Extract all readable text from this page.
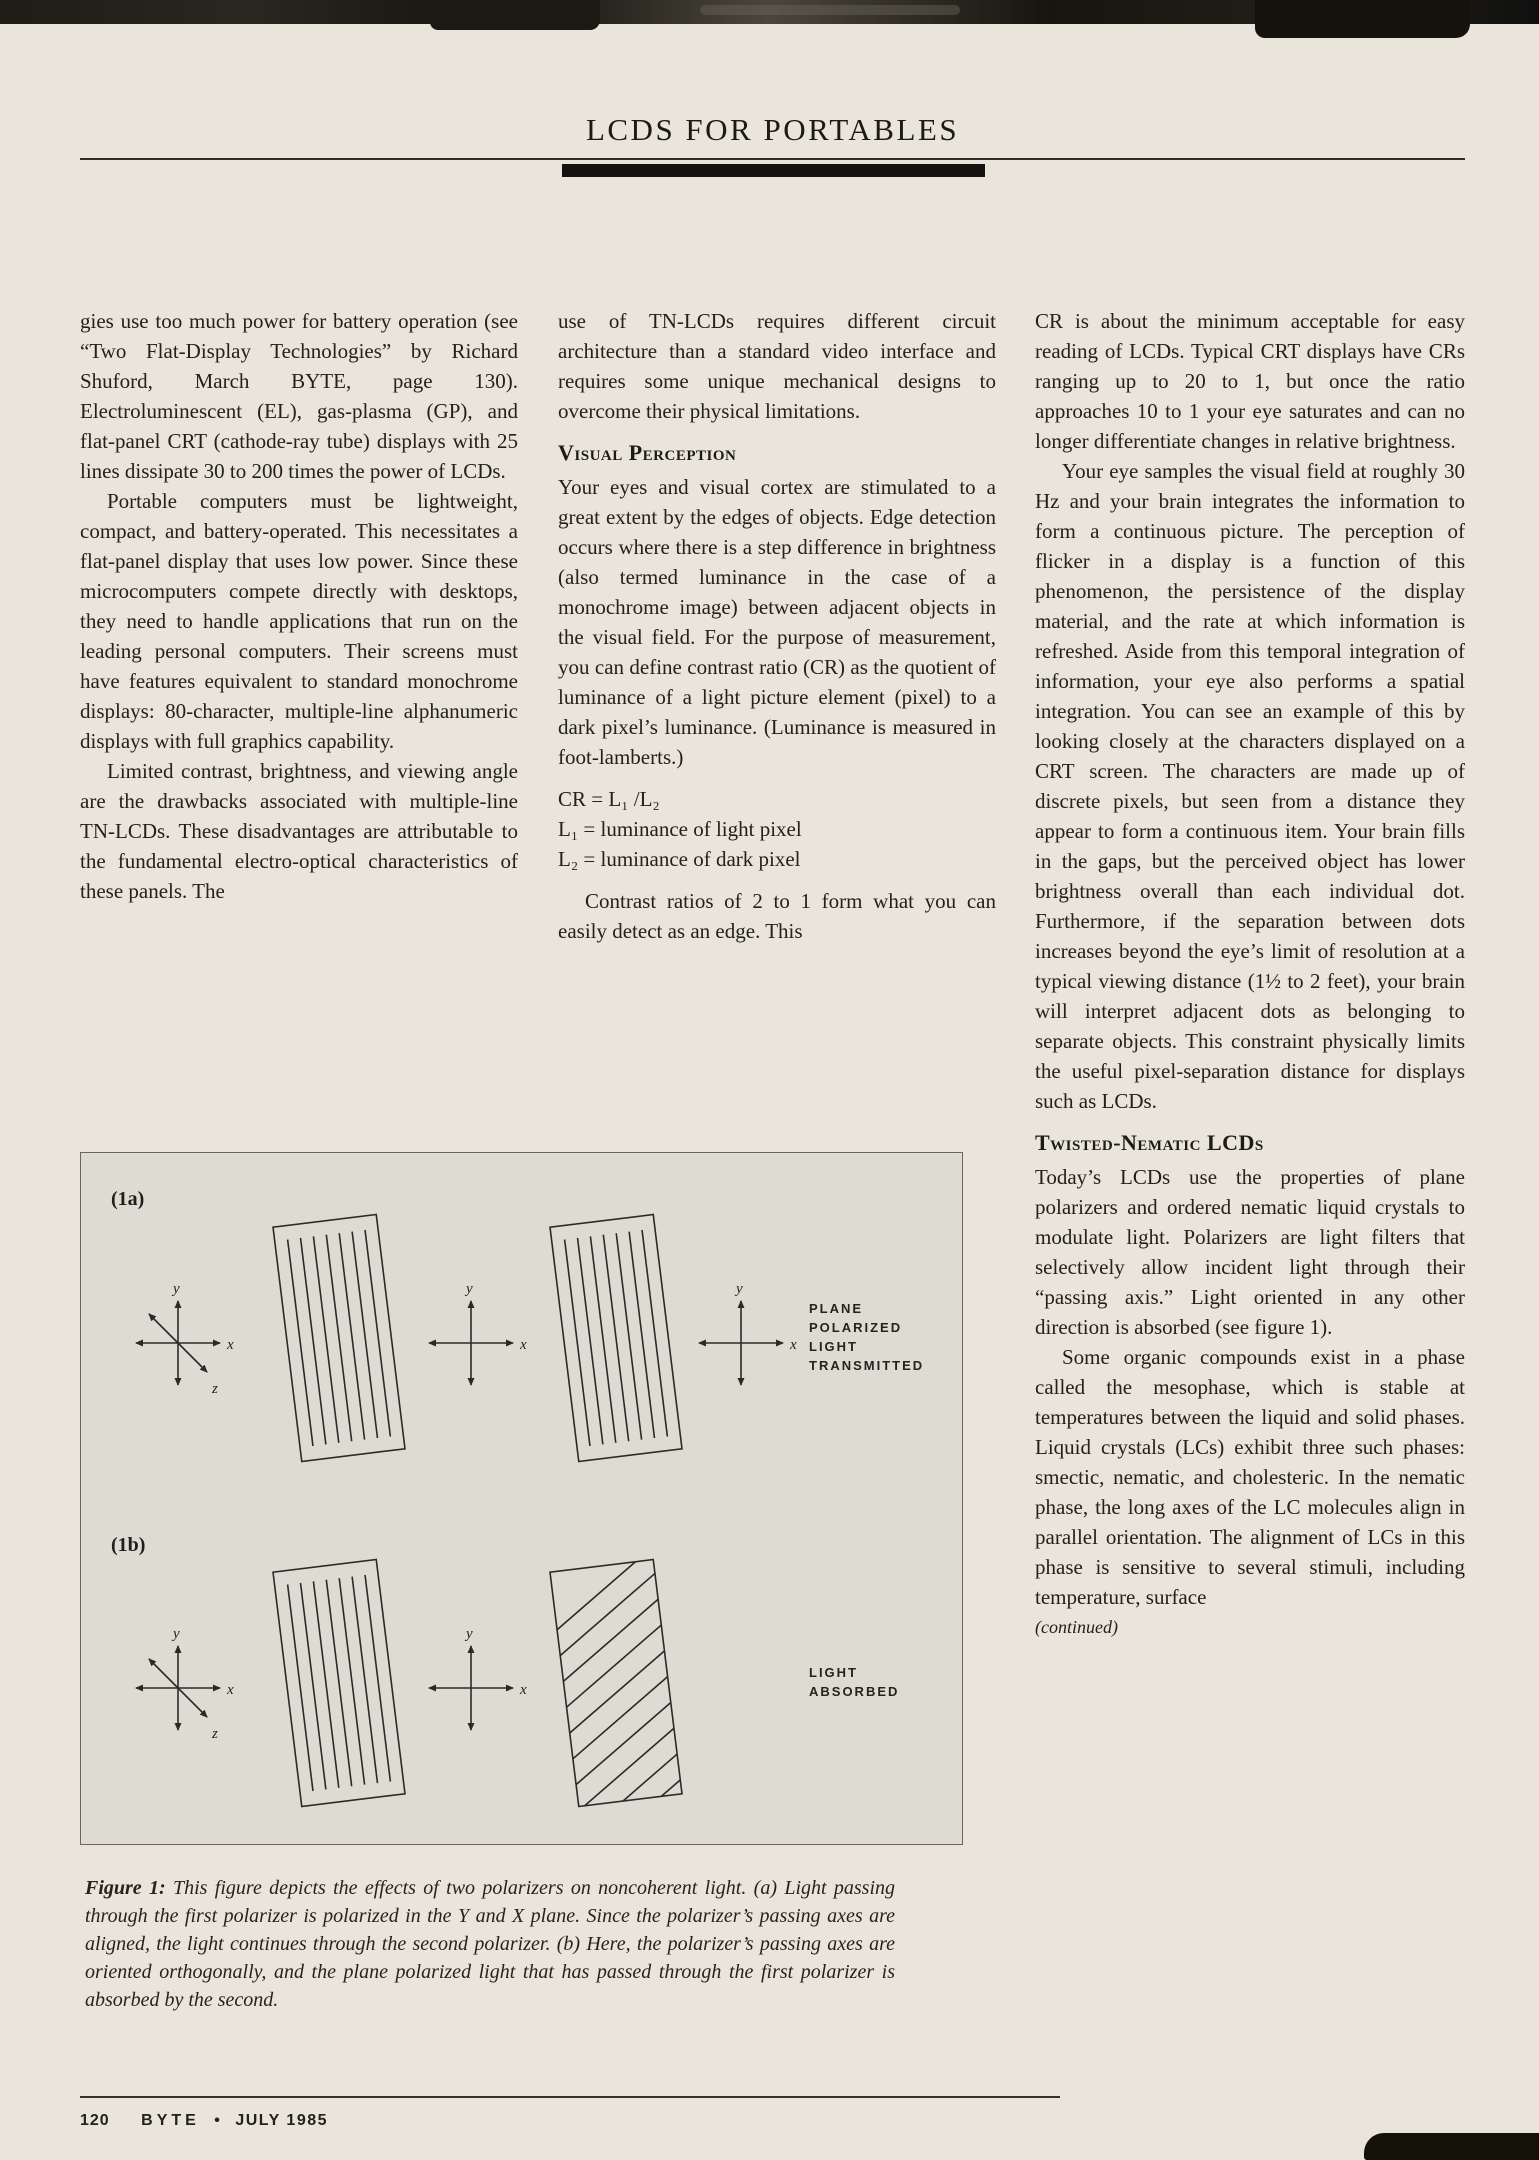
LCDS FOR PORTABLES

gies use too much power for battery operation (see “Two Flat-Display Technologies” by Richard Shuford, March BYTE, page 130). Electroluminescent (EL), gas-plasma (GP), and flat-panel CRT (cathode-ray tube) displays with 25 lines dissipate 30 to 200 times the power of LCDs.

Portable computers must be lightweight, compact, and battery-operated. This necessitates a flat-panel display that uses low power. Since these microcomputers compete directly with desktops, they need to handle applications that run on the leading personal computers. Their screens must have features equivalent to standard monochrome displays: 80-character, multiple-line alphanumeric displays with full graphics capability.

Limited contrast, brightness, and viewing angle are the drawbacks associated with multiple-line TN-LCDs. These disadvantages are attributable to the fundamental electro-optical characteristics of these panels. The

use of TN-LCDs requires different circuit architecture than a standard video interface and requires some unique mechanical designs to overcome their physical limitations.

Visual Perception

Your eyes and visual cortex are stimulated to a great extent by the edges of objects. Edge detection occurs where there is a step difference in brightness (also termed luminance in the case of a monochrome image) between adjacent objects in the visual field. For the purpose of measurement, you can define contrast ratio (CR) as the quotient of luminance of a light picture element (pixel) to a dark pixel’s luminance. (Luminance is measured in foot-lamberts.)

CR = L₁ /L₂
L₁ = luminance of light pixel
L₂ = luminance of dark pixel

Contrast ratios of 2 to 1 form what you can easily detect as an edge. This

CR is about the minimum acceptable for easy reading of LCDs. Typical CRT displays have CRs ranging up to 20 to 1, but once the ratio approaches 10 to 1 your eye saturates and can no longer differentiate changes in relative brightness.

Your eye samples the visual field at roughly 30 Hz and your brain integrates the information to form a continuous picture. The perception of flicker in a display is a function of this phenomenon, the persistence of the display material, and the rate at which information is refreshed. Aside from this temporal integration of information, your eye also performs a spatial integration. You can see an example of this by looking closely at the characters displayed on a CRT screen. The characters are made up of discrete pixels, but seen from a distance they appear to form a continuous item. Your brain fills in the gaps, but the perceived object has lower brightness overall than each individual dot. Furthermore, if the separation between dots increases beyond the eye’s limit of resolution at a typical viewing distance (1½ to 2 feet), your brain will interpret adjacent dots as belonging to separate objects. This constraint physically limits the useful pixel-separation distance for displays such as LCDs.

Twisted-Nematic LCDs

Today’s LCDs use the properties of plane polarizers and ordered nematic liquid crystals to modulate light. Polarizers are light filters that selectively allow incident light through their “passing axis.” Light oriented in any other direction is absorbed (see figure 1).

Some organic compounds exist in a phase called the mesophase, which is stable at temperatures between the liquid and solid phases. Liquid crystals (LCs) exhibit three such phases: smectic, nematic, and cholesteric. In the nematic phase, the long axes of the LC molecules align in parallel orientation. The alignment of LCs in this phase is sensitive to several stimuli, including temperature, surface

(continued)

(1a)
y
x
z
y
x
y
x
PLANE
POLARIZED
LIGHT
TRANSMITTED
(1b)
y
x
z
y
x
LIGHT
ABSORBED
Figure 1: This figure depicts the effects of two polarizers on noncoherent light. (a) Light passing through the first polarizer is polarized in the Y and X plane. Since the polarizer’s passing axes are aligned, the light continues through the second polarizer. (b) Here, the polarizer’s passing axes are oriented orthogonally, and the plane polarized light that has passed through the first polarizer is absorbed by the second.
120 BYTE • JULY 1985
